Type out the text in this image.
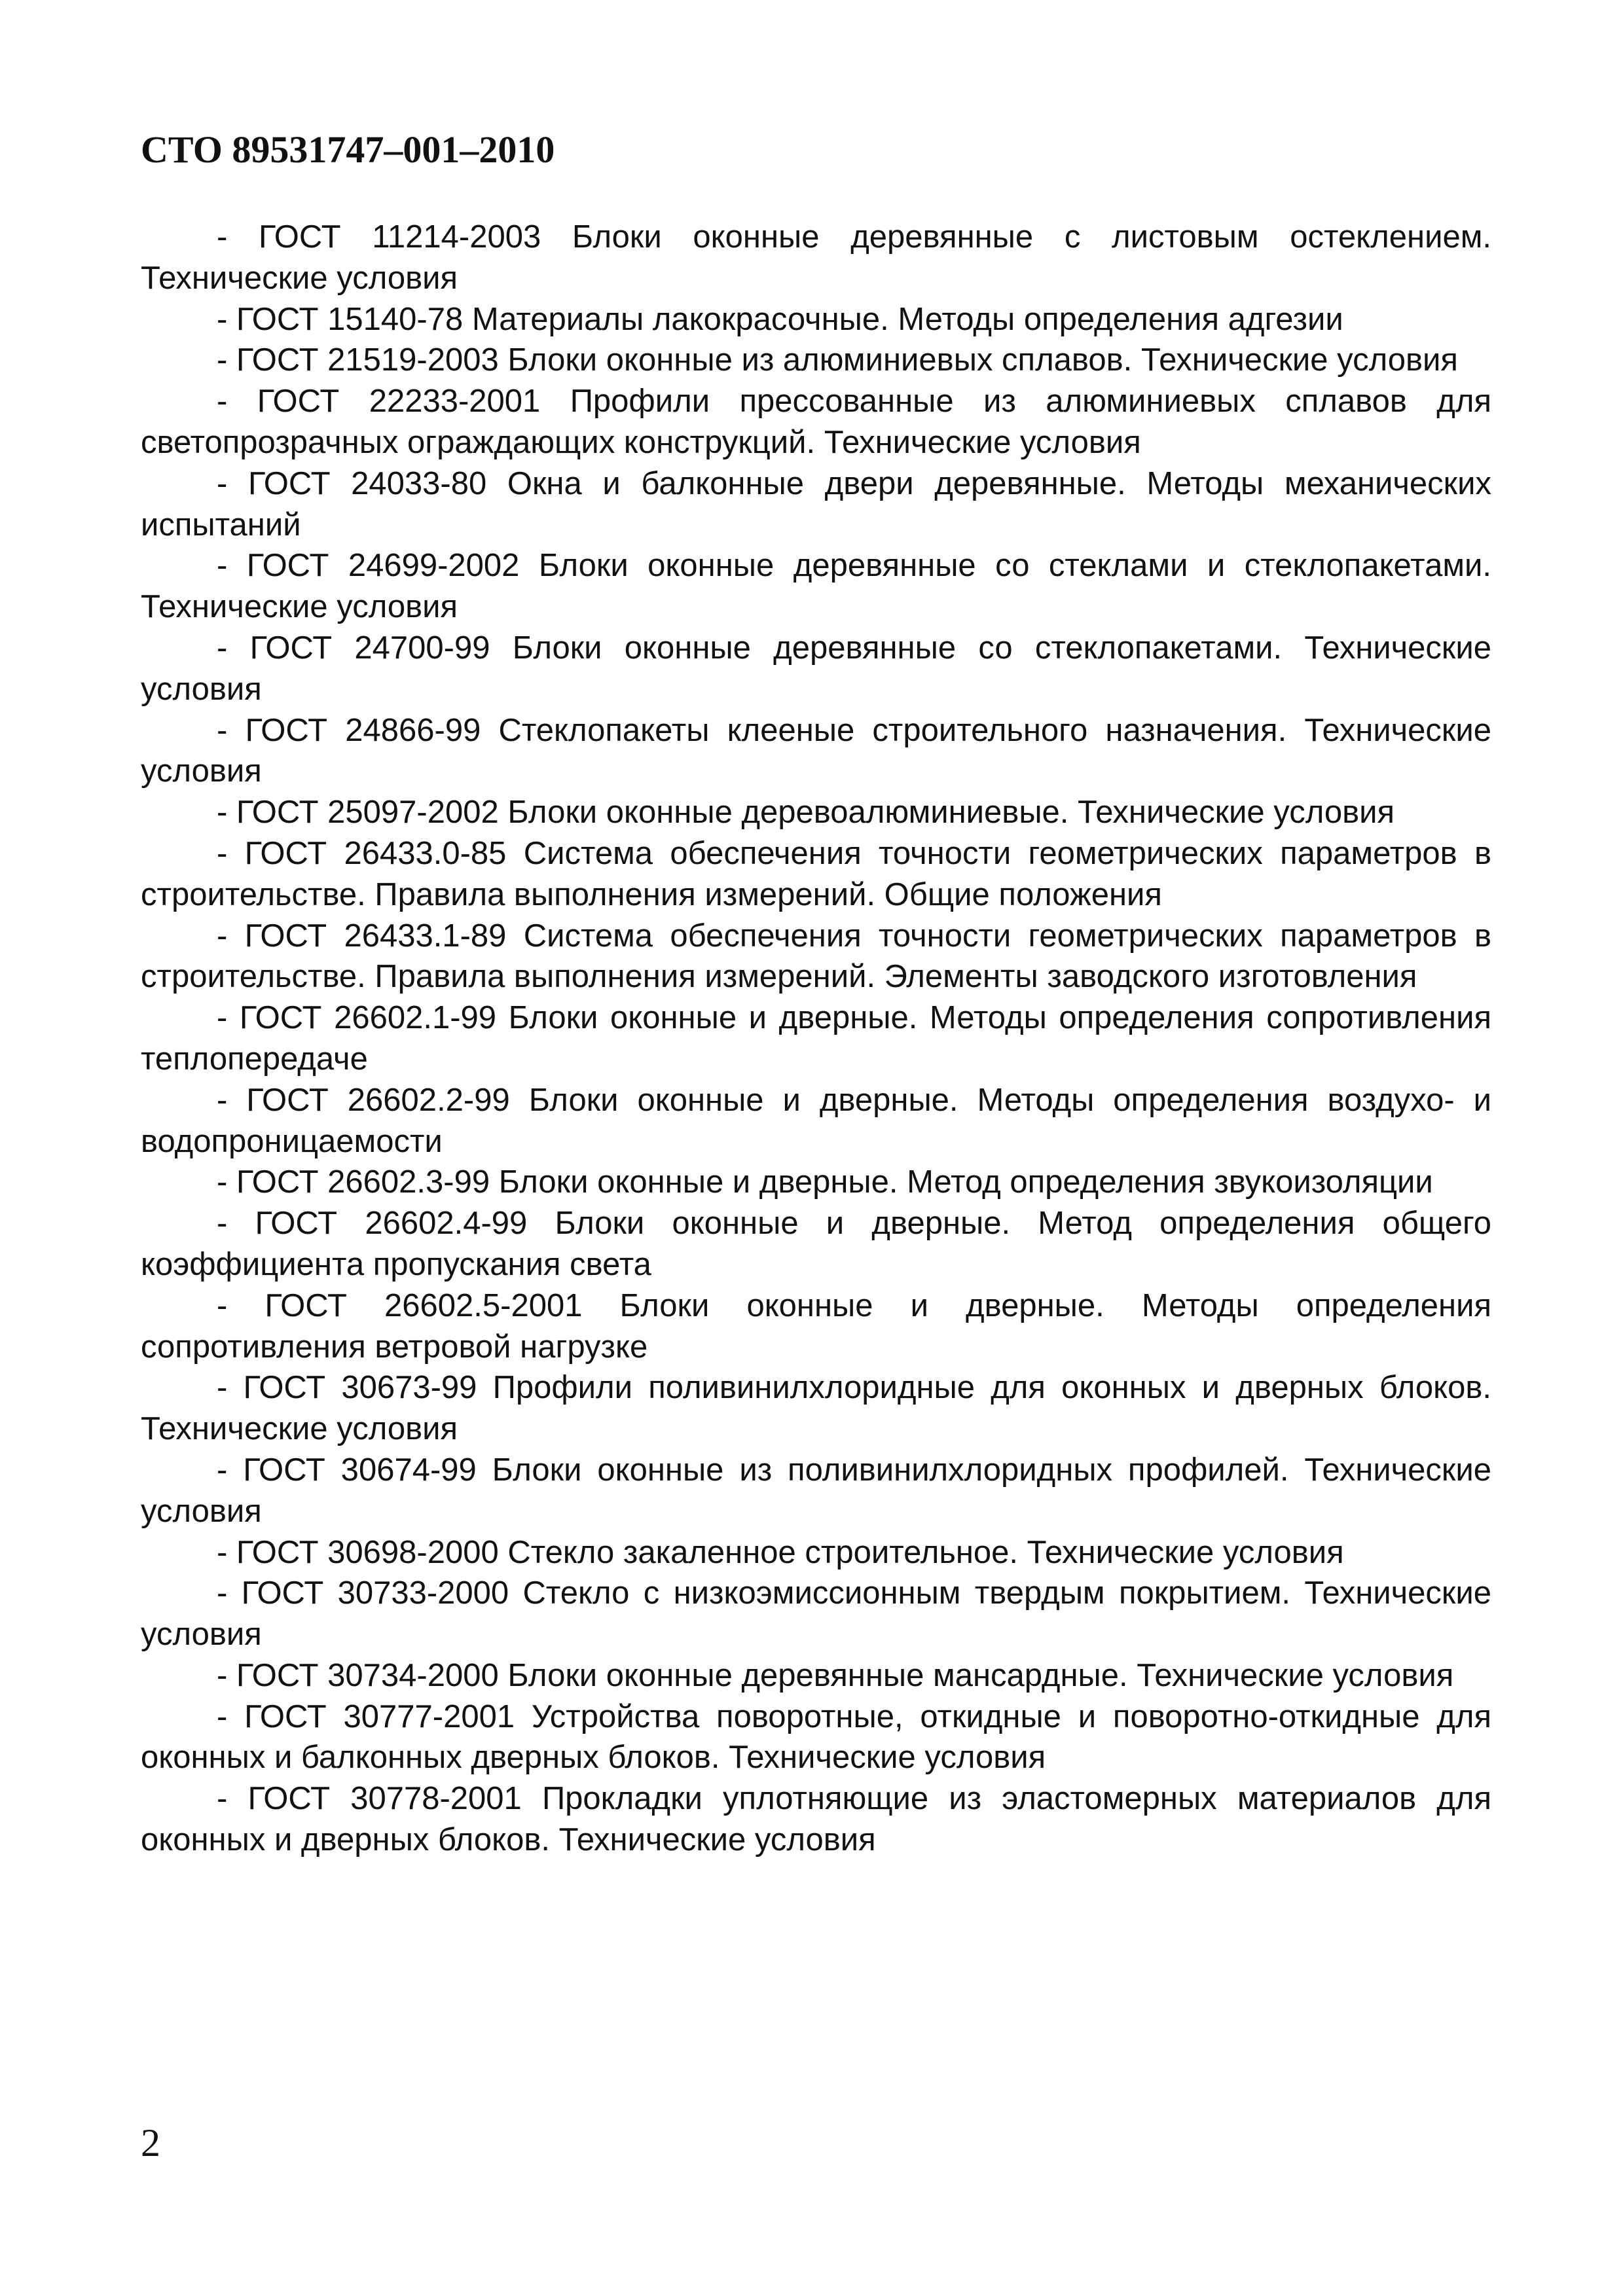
СТО 89531747–001–2010

- ГОСТ 11214-2003 Блоки оконные деревянные с листовым остеклением. Технические условия

- ГОСТ 15140-78 Материалы лакокрасочные. Методы определения адгезии

- ГОСТ 21519-2003 Блоки оконные из алюминиевых сплавов. Технические условия

- ГОСТ 22233-2001 Профили прессованные из алюминиевых сплавов для светопрозрачных ограждающих конструкций. Технические условия

- ГОСТ 24033-80 Окна и балконные двери деревянные. Методы механических испытаний

- ГОСТ 24699-2002 Блоки оконные деревянные со стеклами и стеклопакетами. Технические условия

- ГОСТ 24700-99 Блоки оконные деревянные со стеклопакетами. Технические условия

- ГОСТ 24866-99 Стеклопакеты клееные строительного назначения. Технические условия

- ГОСТ 25097-2002 Блоки оконные деревоалюминиевые. Технические условия

- ГОСТ 26433.0-85 Система обеспечения точности геометрических параметров в строительстве. Правила выполнения измерений. Общие положения

- ГОСТ 26433.1-89 Система обеспечения точности геометрических параметров в строительстве. Правила выполнения измерений. Элементы заводского изготовления

- ГОСТ 26602.1-99 Блоки оконные и дверные. Методы определения сопротивления теплопередаче

- ГОСТ 26602.2-99 Блоки оконные и дверные. Методы определения воздухо- и водопроницаемости

- ГОСТ 26602.3-99 Блоки оконные и дверные. Метод определения звукоизоляции

- ГОСТ 26602.4-99 Блоки оконные и дверные. Метод определения общего коэффициента пропускания света

- ГОСТ 26602.5-2001 Блоки оконные и дверные. Методы определения сопротивления ветровой нагрузке

- ГОСТ 30673-99 Профили поливинилхлоридные для оконных и дверных блоков. Технические условия

- ГОСТ 30674-99 Блоки оконные из поливинилхлоридных профилей. Технические условия

- ГОСТ 30698-2000 Стекло закаленное строительное. Технические условия

- ГОСТ 30733-2000 Стекло с низкоэмиссионным твердым покрытием. Технические условия

- ГОСТ 30734-2000 Блоки оконные деревянные мансардные. Технические условия

- ГОСТ 30777-2001 Устройства поворотные, откидные и поворотно-откидные для оконных и балконных дверных блоков. Технические условия

- ГОСТ 30778-2001 Прокладки уплотняющие из эластомерных материалов для оконных и дверных блоков. Технические условия

2
